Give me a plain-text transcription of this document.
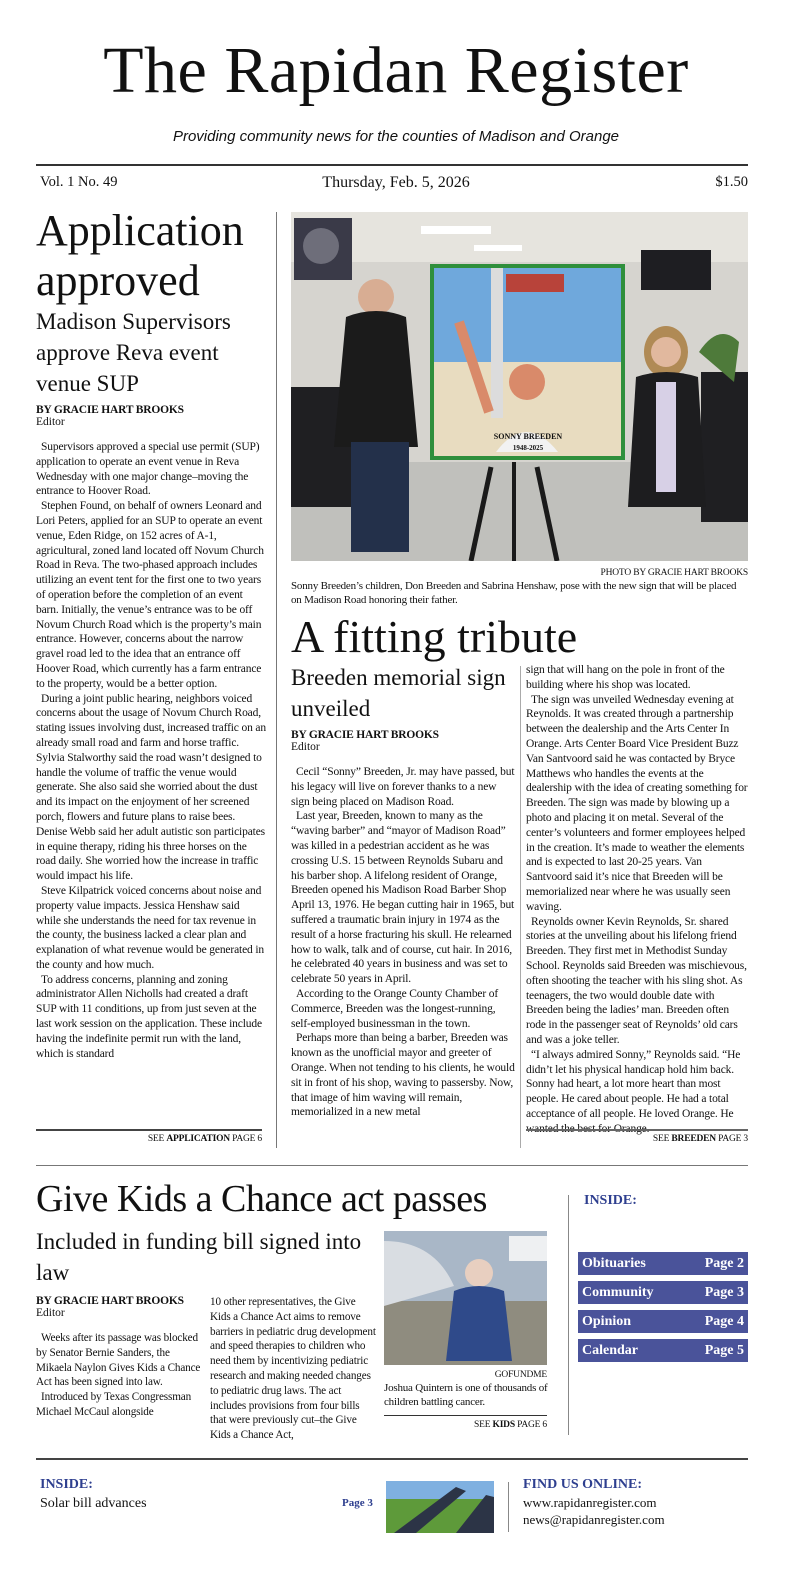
The Rapidan Register
Providing community news for the counties of Madison and Orange
Vol. 1 No. 49	Thursday, Feb. 5, 2026	$1.50
Application approved
Madison Supervisors approve Reva event venue SUP
BY GRACIE HART BROOKS
Editor

Supervisors approved a special use permit (SUP) application to operate an event venue in Reva Wednesday with one major change–moving the entrance to Hoover Road.

Stephen Found, on behalf of owners Leonard and Lori Peters, applied for an SUP to operate an event venue, Eden Ridge, on 152 acres of A-1, agricultural, zoned land located off Novum Church Road in Reva. The two-phased approach includes utilizing an event tent for the first one to two years of operation before the completion of an event barn. Initially, the venue’s entrance was to be off Novum Church Road which is the property’s main entrance. However, concerns about the narrow gravel road led to the idea that an entrance off Hoover Road, which currently has a farm entrance to the property, would be a better option.

During a joint public hearing, neighbors voiced concerns about the usage of Novum Church Road, stating issues involving dust, increased traffic on an already small road and farm and horse traffic. Sylvia Stalworthy said the road wasn’t designed to handle the volume of traffic the venue would generate. She also said she worried about the dust and its impact on the enjoyment of her screened porch, flowers and future plans to raise bees. Denise Webb said her adult autistic son participates in equine therapy, riding his three horses on the road daily. She worried how the increase in traffic would impact his life.

Steve Kilpatrick voiced concerns about noise and property value impacts. Jessica Henshaw said while she understands the need for tax revenue in the county, the business lacked a clear plan and explanation of what revenue would be generated in the county and how much.

To address concerns, planning and zoning administrator Allen Nicholls had created a draft SUP with 11 conditions, up from just seven at the last work session on the application. These include having the indefinite permit run with the land, which is standard

SEE APPLICATION PAGE 6
SONNY BREEDEN
1948-2025
PHOTO BY GRACIE HART BROOKS
Sonny Breeden’s children, Don Breeden and Sabrina Henshaw, pose with the new sign that will be placed on Madison Road honoring their father.
A fitting tribute
Breeden memorial sign unveiled
BY GRACIE HART BROOKS
Editor

Cecil “Sonny” Breeden, Jr. may have passed, but his legacy will live on forever thanks to a new sign being placed on Madison Road.

Last year, Breeden, known to many as the “waving barber” and “mayor of Madison Road” was killed in a pedestrian accident as he was crossing U.S. 15 between Reynolds Subaru and his barber shop. A lifelong resident of Orange, Breeden opened his Madison Road Barber Shop April 13, 1976. He began cutting hair in 1965, but suffered a traumatic brain injury in 1974 as the result of a horse fracturing his skull. He relearned how to walk, talk and of course, cut hair. In 2016, he celebrated 40 years in business and was set to celebrate 50 years in April.

According to the Orange County Chamber of Commerce, Breeden was the longest-running, self-employed businessman in the town.

Perhaps more than being a barber, Breeden was known as the unofficial mayor and greeter of Orange. When not tending to his clients, he would sit in front of his shop, waving to passersby. Now, that image of him waving will remain, memorialized in a new metal

sign that will hang on the pole in front of the building where his shop was located.

The sign was unveiled Wednesday evening at Reynolds. It was created through a partnership between the dealership and the Arts Center In Orange. Arts Center Board Vice President Buzz Van Santvoord said he was contacted by Bryce Matthews who handles the events at the dealership with the idea of creating something for Breeden. The sign was made by blowing up a photo and placing it on metal. Several of the center’s volunteers and former employees helped in the creation. It’s made to weather the elements and is expected to last 20-25 years. Van Santvoord said it’s nice that Breeden will be memorialized near where he was usually seen waving.

Reynolds owner Kevin Reynolds, Sr. shared stories at the unveiling about his lifelong friend Breeden. They first met in Methodist Sunday School. Reynolds said Breeden was mischievous, often shooting the teacher with his sling shot. As teenagers, the two would double date with Breeden being the ladies’ man. Breeden often rode in the passenger seat of Reynolds’ old cars and was a joke teller.

“I always admired Sonny,” Reynolds said. “He didn’t let his physical handicap hold him back. Sonny had heart, a lot more heart than most people. He cared about people. He had a total acceptance of all people. He loved Orange. He

SEE BREEDEN PAGE 3
Give Kids a Chance act passes
Included in funding bill signed into law
BY GRACIE HART BROOKS
Editor

Weeks after its passage was blocked by Senator Bernie Sanders, the Mikaela Naylon Gives Kids a Chance Act has been signed into law.

Introduced by Texas Congressman Michael McCaul alongside

10 other representatives, the Give Kids a Chance Act aims to remove barriers in pediatric drug development and speed therapies to children who need them by incentivizing pediatric research and making needed changes to pediatric drug laws. The act includes provisions from four bills that were previously cut–the Give Kids a Chance Act,

GOFUNDME
Joshua Quintern is one of thousands of children battling cancer.
SEE KIDS PAGE 6
INSIDE:
Obituaries	Page 2
Community	Page 3
Opinion	Page 4
Calendar	Page 5
INSIDE:
Solar bill advances	Page 3
FIND US ONLINE:
www.rapidanregister.com
news@rapidanregister.com
